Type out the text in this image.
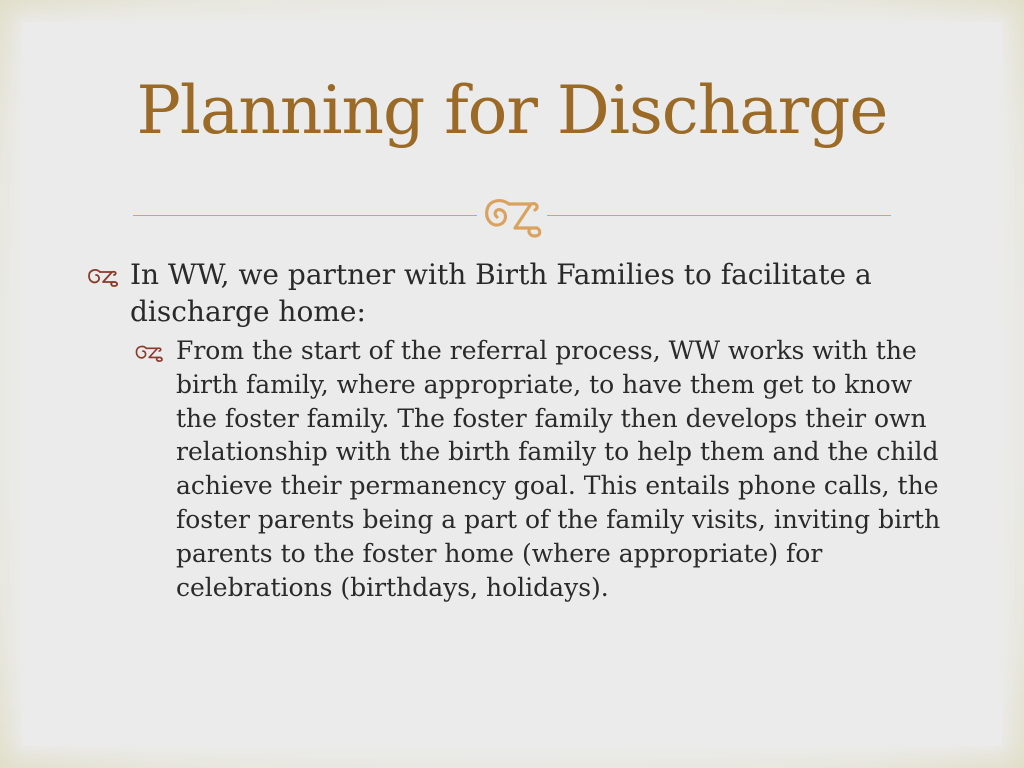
Planning for Discharge
In WW, we partner with Birth Families to facilitate a discharge home:
From the start of the referral process, WW works with the birth family, where appropriate, to have them get to know the foster family. The foster family then develops their own relationship with the birth family to help them and the child achieve their permanency goal. This entails phone calls, the foster parents being a part of the family visits, inviting birth parents to the foster home (where appropriate) for celebrations (birthdays, holidays).
